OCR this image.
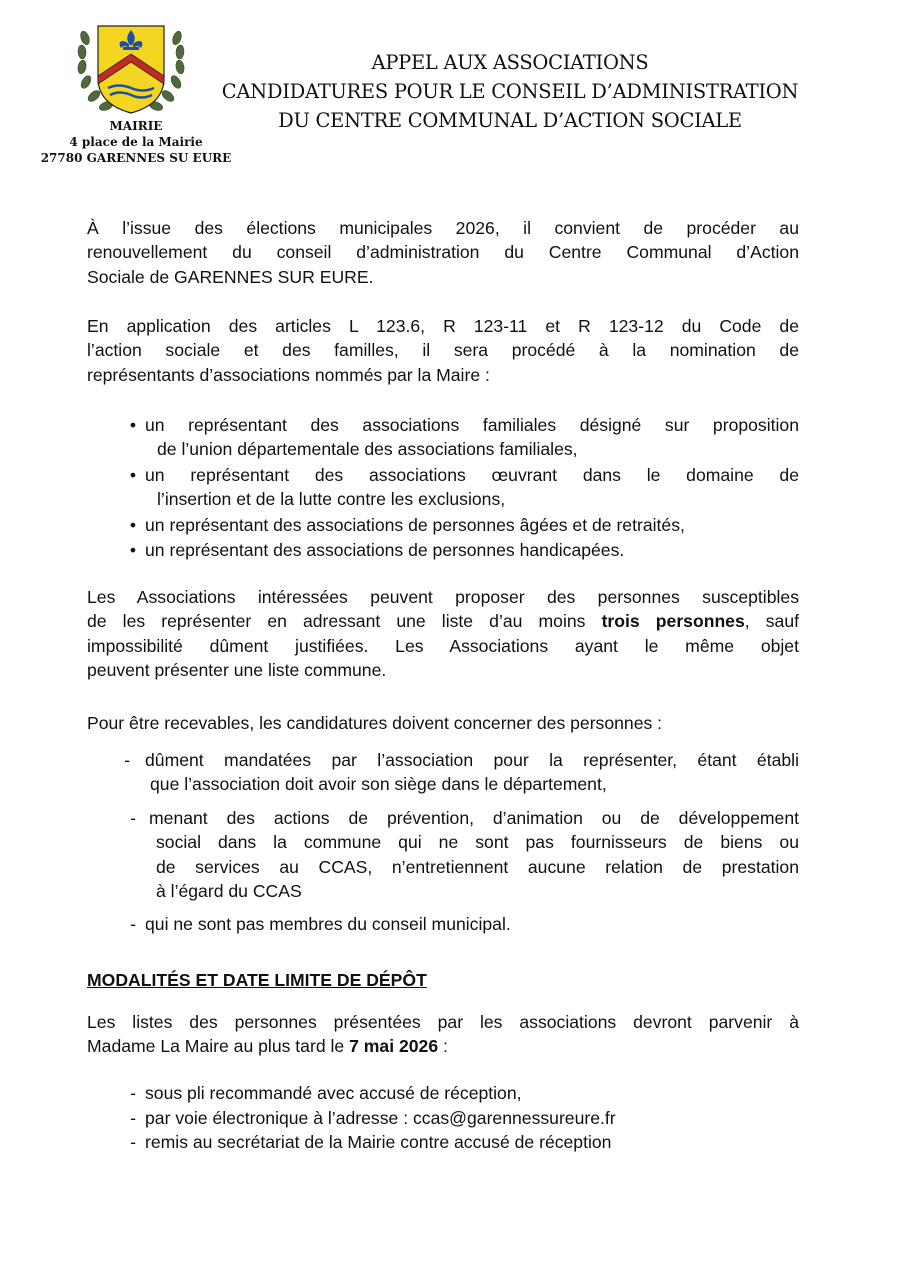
MAIRIE
4 place de la Mairie
27780 GARENNES SU EURE
APPEL AUX ASSOCIATIONS
CANDIDATURES POUR LE CONSEIL D’ADMINISTRATION
DU CENTRE COMMUNAL D’ACTION SOCIALE
À l’issue des élections municipales 2026, il convient de procéder au
renouvellement du conseil d’administration du Centre Communal d’Action
Sociale de GARENNES SUR EURE.
En application des articles L 123.6, R 123-11 et R 123-12 du Code de
l’action sociale et des familles, il sera procédé à la nomination de
représentants d’associations nommés par la Maire :
• un représentant des associations familiales désigné sur proposition
de l’union départementale des associations familiales,
• un représentant des associations œuvrant dans le domaine de
l’insertion et de la lutte contre les exclusions,
• un représentant des associations de personnes âgées et de retraités,
• un représentant des associations de personnes handicapées.
Les Associations intéressées peuvent proposer des personnes susceptibles
de les représenter en adressant une liste d’au moins trois personnes, sauf
impossibilité dûment justifiées. Les Associations ayant le même objet
peuvent présenter une liste commune.
Pour être recevables, les candidatures doivent concerner des personnes :
- dûment mandatées par l’association pour la représenter, étant établi
que l’association doit avoir son siège dans le département,
- menant des actions de prévention, d’animation ou de développement
social dans la commune qui ne sont pas fournisseurs de biens ou
de services au CCAS, n’entretiennent aucune relation de prestation
à l’égard du CCAS
- qui ne sont pas membres du conseil municipal.
MODALITÉS ET DATE LIMITE DE DÉPÔT
Les listes des personnes présentées par les associations devront parvenir à
Madame La Maire au plus tard le 7 mai 2026 :
- sous pli recommandé avec accusé de réception,
- par voie électronique à l’adresse : ccas@garennessureure.fr
- remis au secrétariat de la Mairie contre accusé de réception
